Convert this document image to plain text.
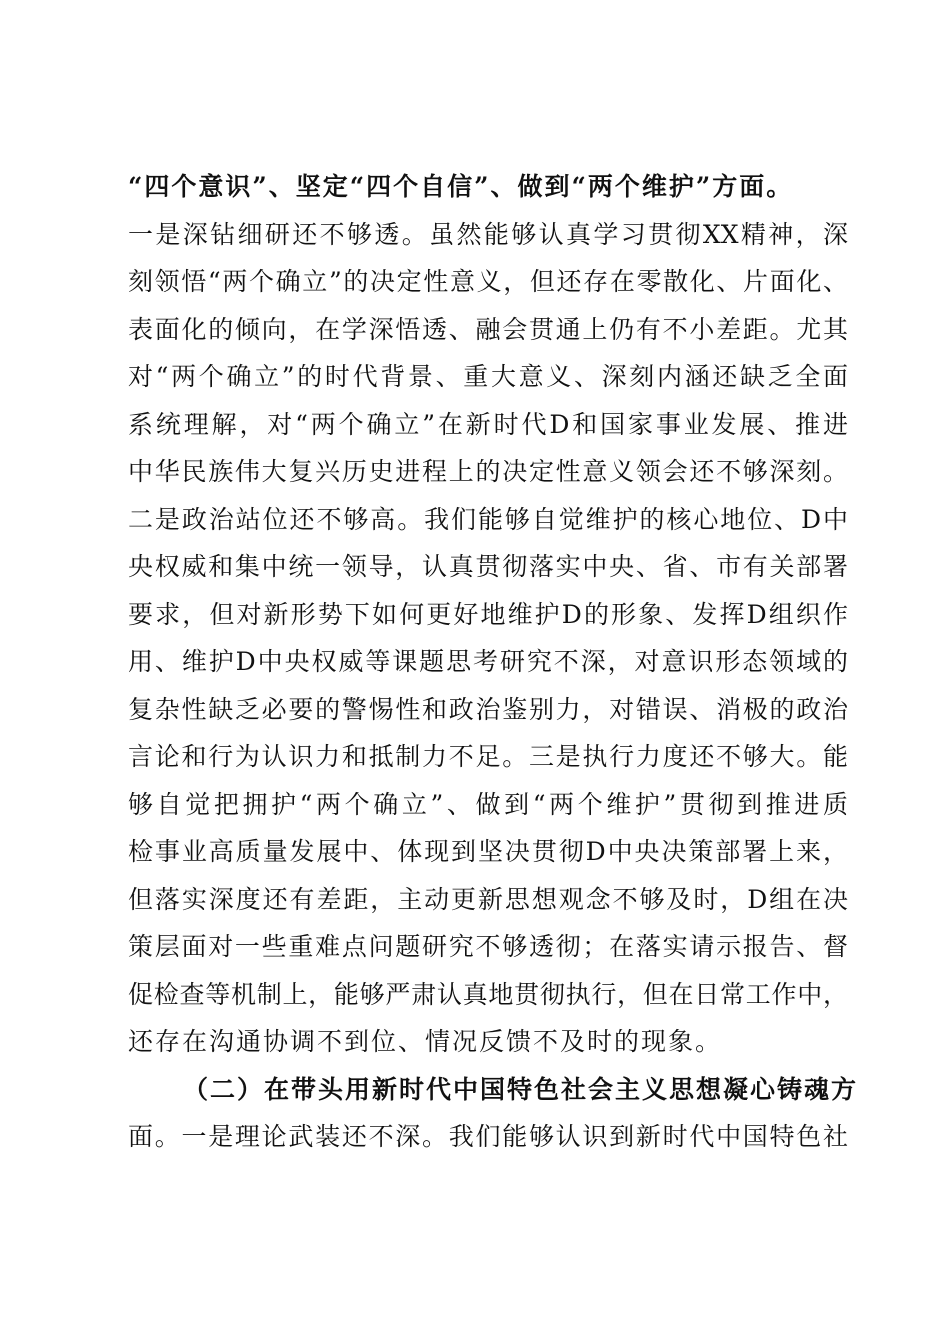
“四个意识”、坚定“四个自信”、做到“两个维护”方面。
一是深钻细研还不够透。虽然能够认真学习贯彻XX精神，深
刻领悟“两个确立”的决定性意义，但还存在零散化、片面化、
表面化的倾向，在学深悟透、融会贯通上仍有不小差距。尤其
对“两个确立”的时代背景、重大意义、深刻内涵还缺乏全面
系统理解，对“两个确立”在新时代D和国家事业发展、推进
中华民族伟大复兴历史进程上的决定性意义领会还不够深刻。
二是政治站位还不够高。我们能够自觉维护的核心地位、D中
央权威和集中统一领导，认真贯彻落实中央、省、市有关部署
要求，但对新形势下如何更好地维护D的形象、发挥D组织作
用、维护D中央权威等课题思考研究不深，对意识形态领域的
复杂性缺乏必要的警惕性和政治鉴别力，对错误、消极的政治
言论和行为认识力和抵制力不足。三是执行力度还不够大。能
够自觉把拥护“两个确立”、做到“两个维护”贯彻到推进质
检事业高质量发展中、体现到坚决贯彻D中央决策部署上来，
但落实深度还有差距，主动更新思想观念不够及时，D组在决
策层面对一些重难点问题研究不够透彻；在落实请示报告、督
促检查等机制上，能够严肃认真地贯彻执行，但在日常工作中，
还存在沟通协调不到位、情况反馈不及时的现象。
（二）在带头用新时代中国特色社会主义思想凝心铸魂方
面。一是理论武装还不深。我们能够认识到新时代中国特色社
